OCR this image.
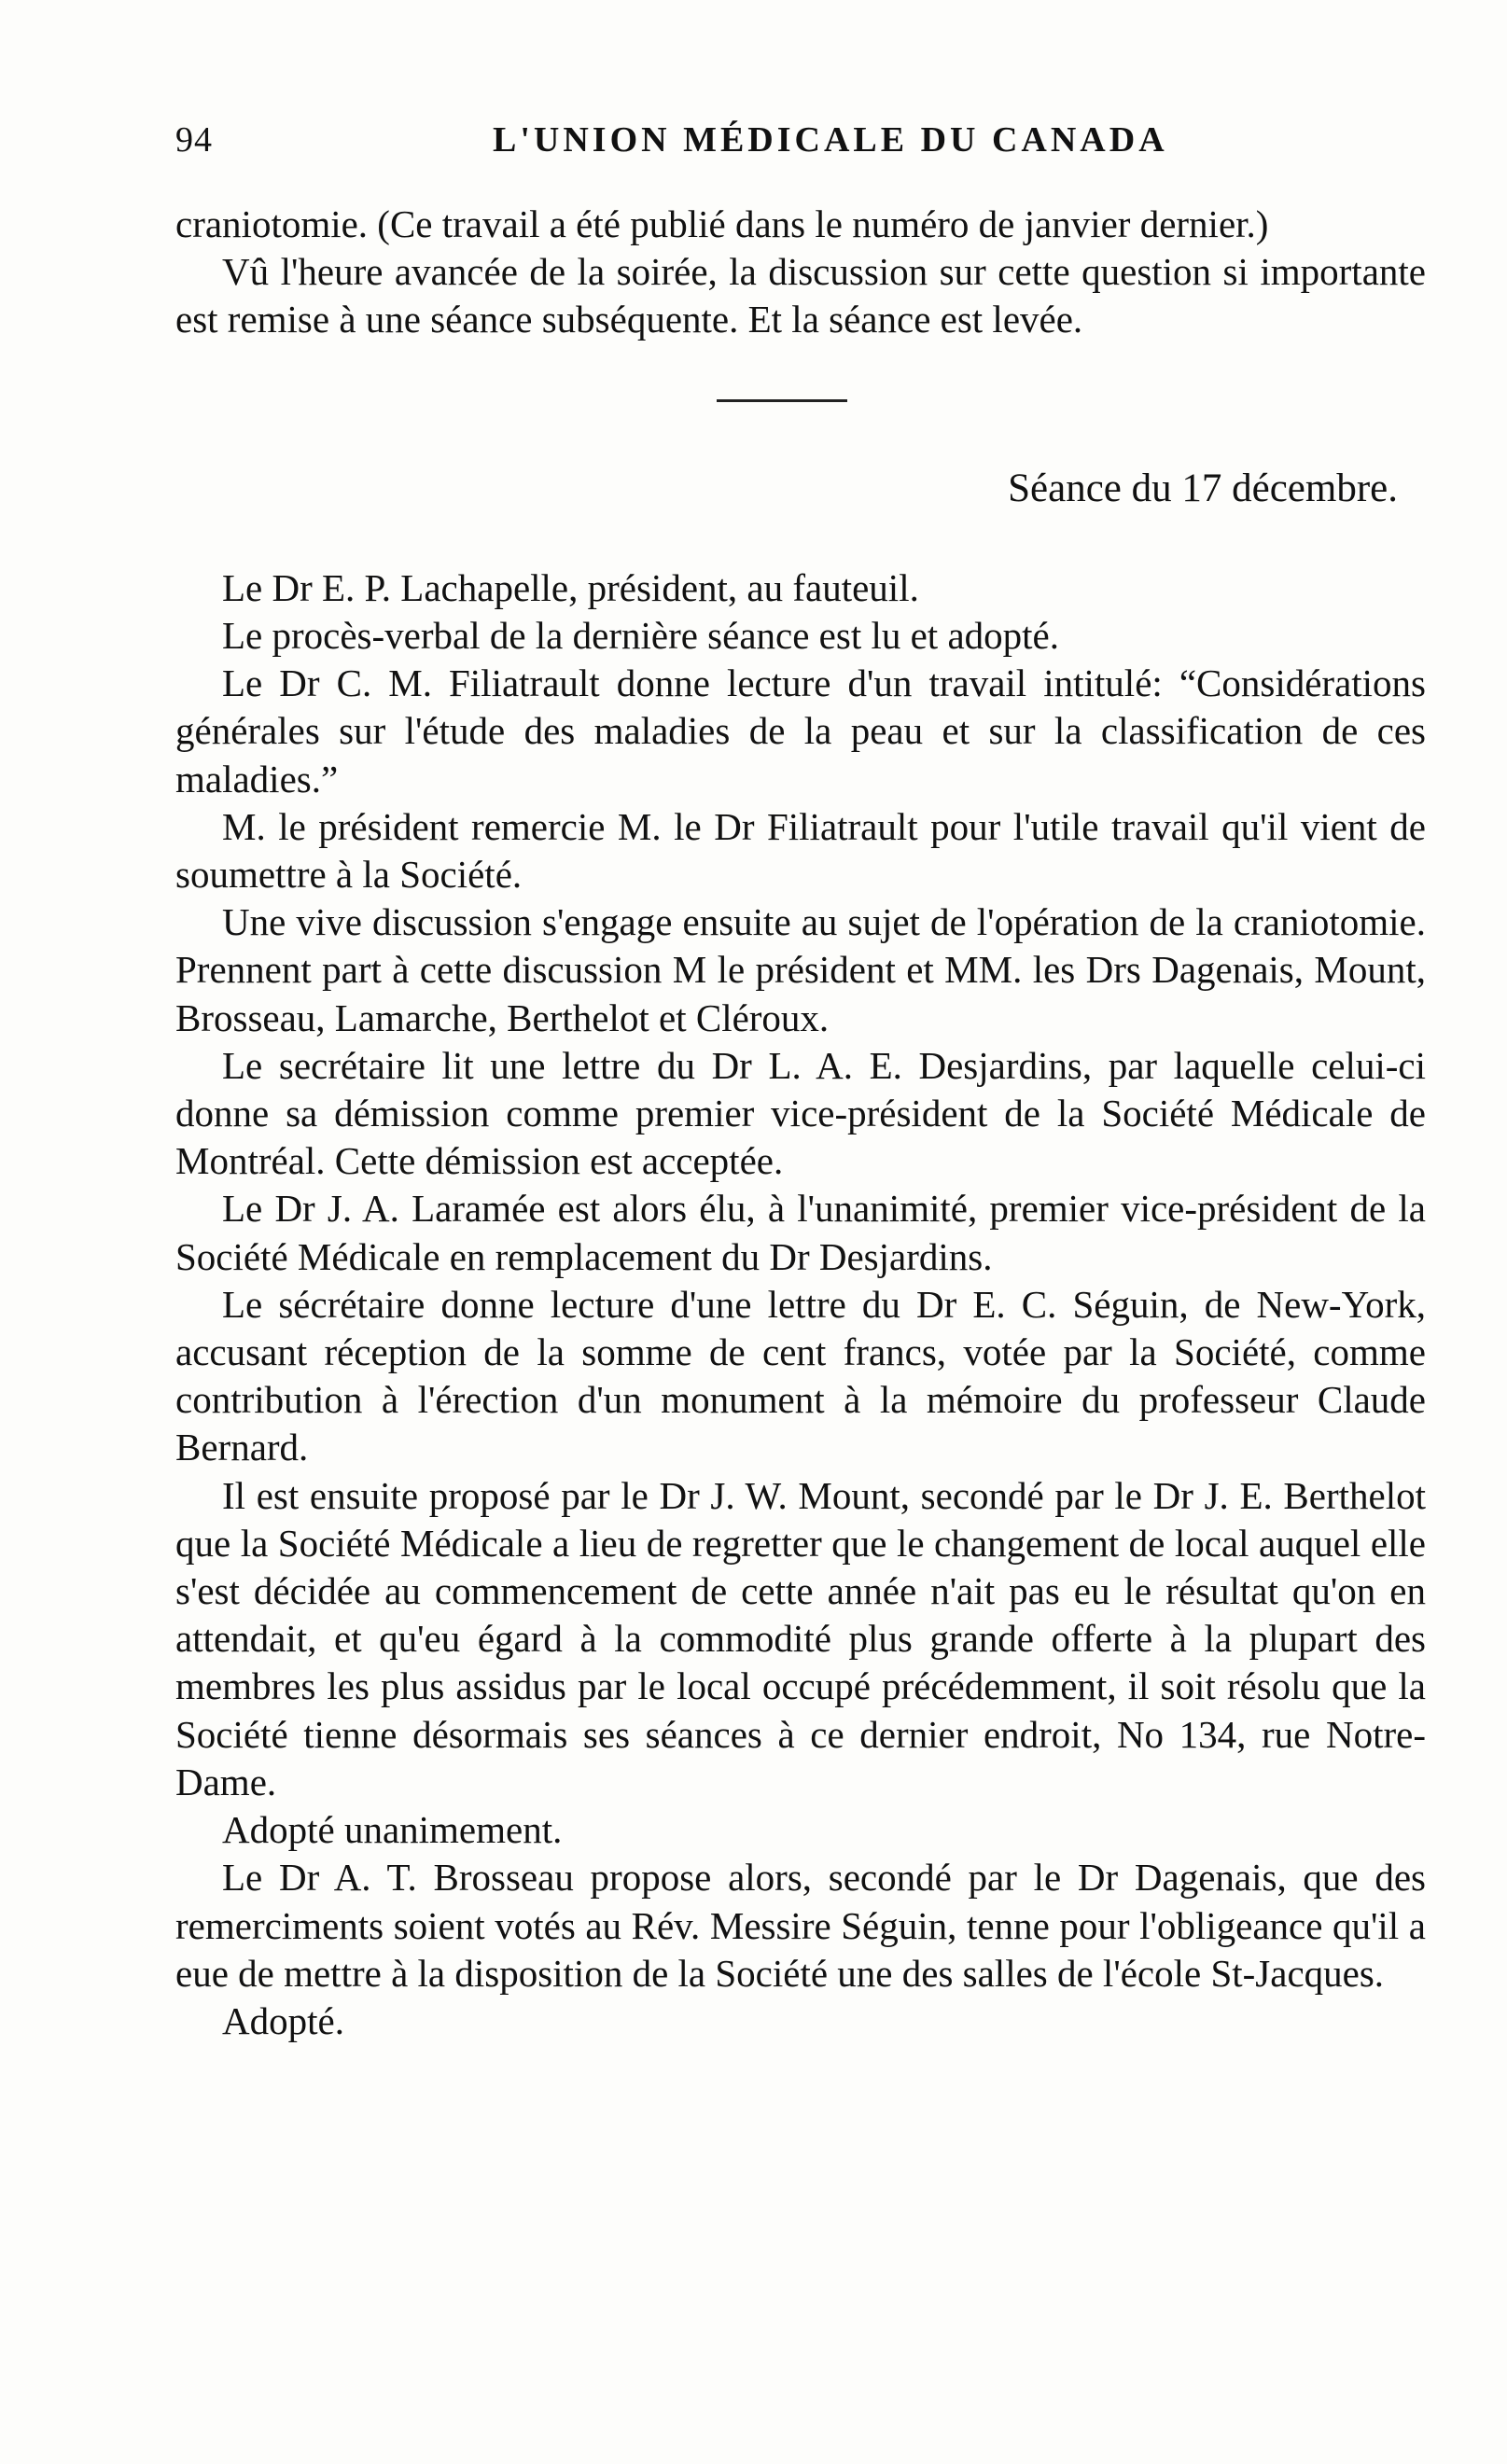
94	L'UNION MÉDICALE DU CANADA

craniotomie. (Ce travail a été publié dans le numéro de janvier dernier.)

Vû l'heure avancée de la soirée, la discussion sur cette question si importante est remise à une séance subséquente. Et la séance est levée.

Séance du 17 décembre.

Le Dr E. P. Lachapelle, président, au fauteuil.

Le procès-verbal de la dernière séance est lu et adopté.

Le Dr C. M. Filiatrault donne lecture d'un travail intitulé: “Considérations générales sur l'étude des maladies de la peau et sur la classification de ces maladies.”

M. le président remercie M. le Dr Filiatrault pour l'utile travail qu'il vient de soumettre à la Société.

Une vive discussion s'engage ensuite au sujet de l'opération de la craniotomie. Prennent part à cette discussion M le président et MM. les Drs Dagenais, Mount, Brosseau, Lamarche, Berthelot et Cléroux.

Le secrétaire lit une lettre du Dr L. A. E. Desjardins, par laquelle celui-ci donne sa démission comme premier vice-président de la Société Médicale de Montréal. Cette démission est acceptée.

Le Dr J. A. Laramée est alors élu, à l'unanimité, premier vice-président de la Société Médicale en remplacement du Dr Desjardins.

Le sécrétaire donne lecture d'une lettre du Dr E. C. Séguin, de New-York, accusant réception de la somme de cent francs, votée par la Société, comme contribution à l'érection d'un monument à la mémoire du professeur Claude Bernard.

Il est ensuite proposé par le Dr J. W. Mount, secondé par le Dr J. E. Berthelot que la Société Médicale a lieu de regretter que le changement de local auquel elle s'est décidée au commencement de cette année n'ait pas eu le résultat qu'on en attendait, et qu'eu égard à la commodité plus grande offerte à la plupart des membres les plus assidus par le local occupé précédemment, il soit résolu que la Société tienne désormais ses séances à ce dernier endroit, No 134, rue Notre-Dame.

Adopté unanimement.

Le Dr A. T. Brosseau propose alors, secondé par le Dr Dagenais, que des remerciments soient votés au Rév. Messire Séguin, tenne pour l'obligeance qu'il a eue de mettre à la disposition de la Société une des salles de l'école St-Jacques.

Adopté.
